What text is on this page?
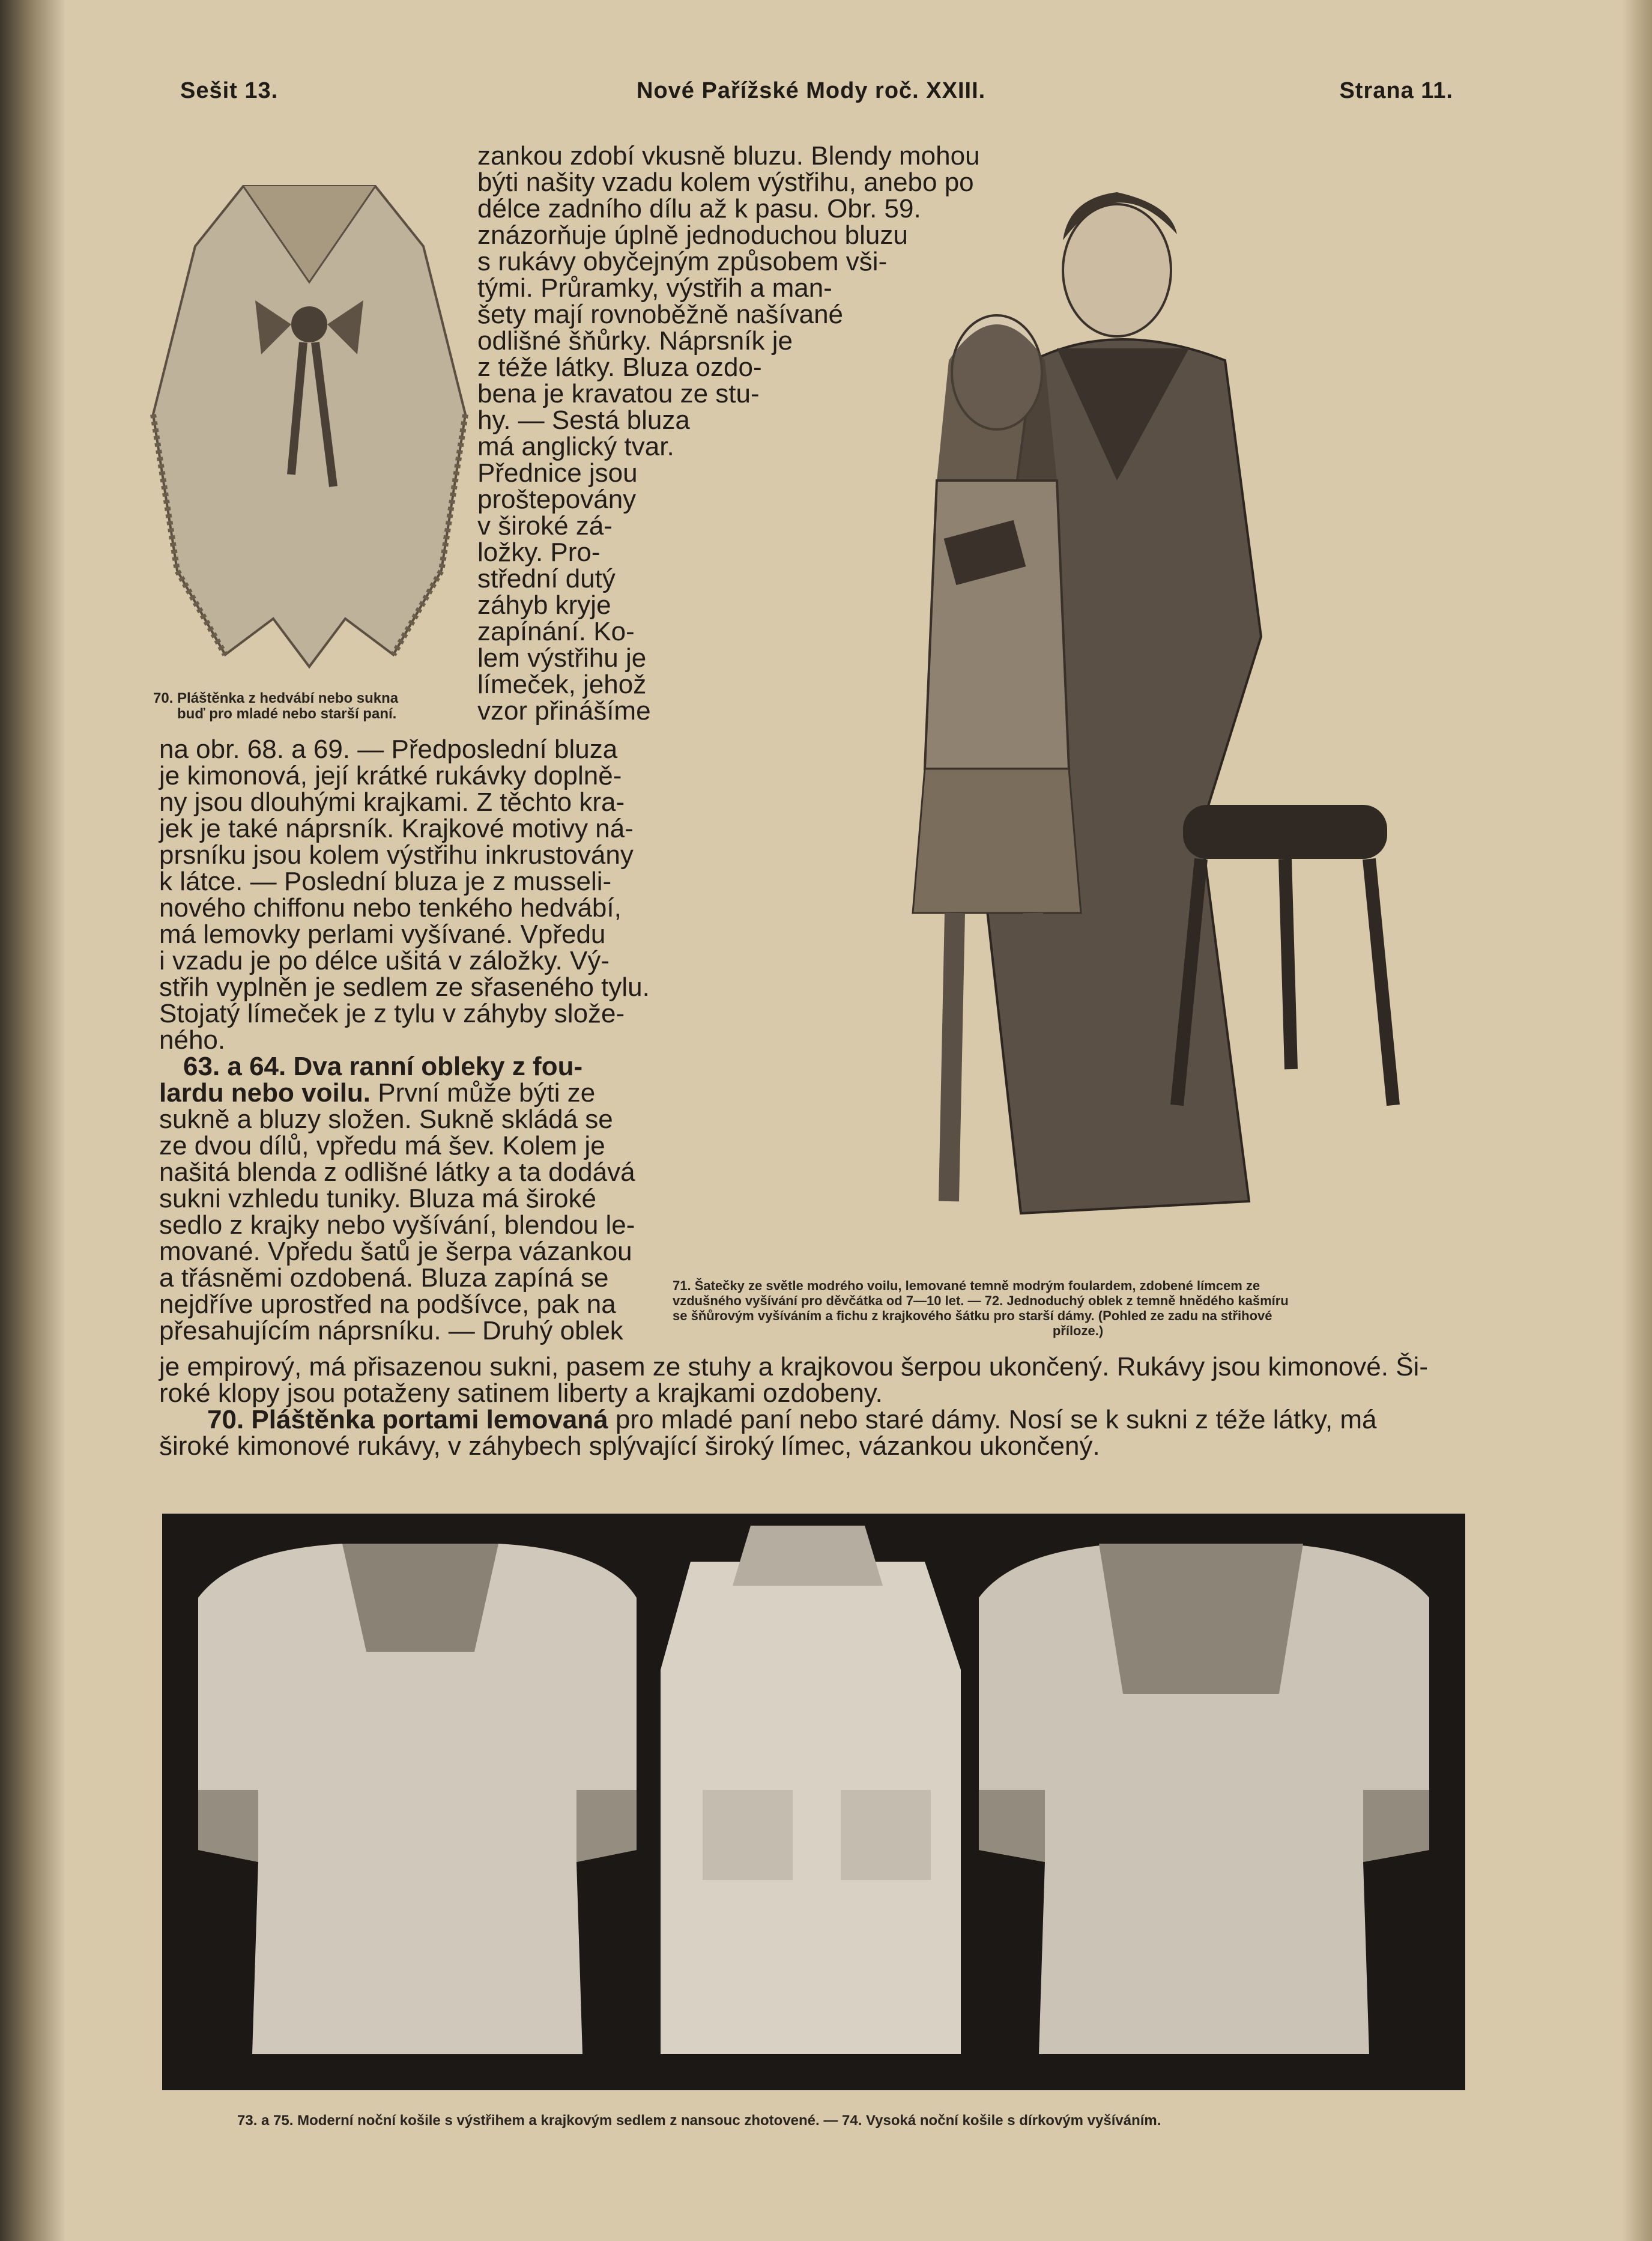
Sešit 13.	Nové Pařížské Mody roč. XXIII.	Strana 11.
70. Pláštěnka z hedvábí nebo sukna
buď pro mladé nebo starší paní.
71. Šatečky ze světle modrého voilu, lemované temně modrým foulardem, zdobené límcem ze
vzdušného vyšívání pro děvčátka od 7—10 let. — 72. Jednoduchý oblek z temně hnědého kašmíru
se šňůrovým vyšíváním a fichu z krajkového šátku pro starší dámy. (Pohled ze zadu na střihové
příloze.)
zankou zdobí vkusně bluzu. Blendy mohou
býti našity vzadu kolem výstřihu, anebo po
délce zadního dílu až k pasu. Obr. 59.
znázorňuje úplně jednoduchou bluzu
s rukávy obyčejným způsobem vši-
tými. Průramky, výstřih a man-
šety mají rovnoběžně našívané
odlišné šňůrky. Náprsník je
z téže látky. Bluza ozdo-
bena je kravatou ze stu-
hy. — Sestá bluza
má anglický tvar.
Přednice jsou
proštepovány
v široké zá-
ložky. Pro-
střední dutý
záhyb kryje
zapínání. Ko-
lem výstřihu je
límeček, jehož
vzor přinášíme
na obr. 68. a 69. — Předposlední bluza
je kimonová, její krátké rukávky doplně-
ny jsou dlouhými krajkami. Z těchto kra-
jek je také náprsník. Krajkové motivy ná-
prsníku jsou kolem výstřihu inkrustovány
k látce. — Poslední bluza je z musseli-
nového chiffonu nebo tenkého hedvábí,
má lemovky perlami vyšívané. Vpředu
i vzadu je po délce ušitá v záložky. Vý-
střih vyplněn je sedlem ze sřaseného tylu.
Stojatý límeček je z tylu v záhyby slože-
ného.
63. a 64. Dva ranní obleky z fou-
lardu nebo voilu. První může býti ze
sukně a bluzy složen. Sukně skládá se
ze dvou dílů, vpředu má šev. Kolem je
našitá blenda z odlišné látky a ta dodává
sukni vzhledu tuniky. Bluza má široké
sedlo z krajky nebo vyšívání, blendou le-
mované. Vpředu šatů je šerpa vázankou
a třásněmi ozdobená. Bluza zapíná se
nejdříve uprostřed na podšívce, pak na
přesahujícím náprsníku. — Druhý oblek
je empirový, má přisazenou sukni, pasem ze stuhy a krajkovou šerpou ukončený. Rukávy jsou kimonové. Ši-
roké klopy jsou potaženy satinem liberty a krajkami ozdobeny.
70. Pláštěnka portami lemovaná pro mladé paní nebo staré dámy. Nosí se k sukni z téže látky, má
široké kimonové rukávy, v záhybech splývající široký límec, vázankou ukončený.
73. a 75. Moderní noční košile s výstřihem a krajkovým sedlem z nansouc zhotovené. — 74. Vysoká noční košile s dírkovým vyšíváním.
